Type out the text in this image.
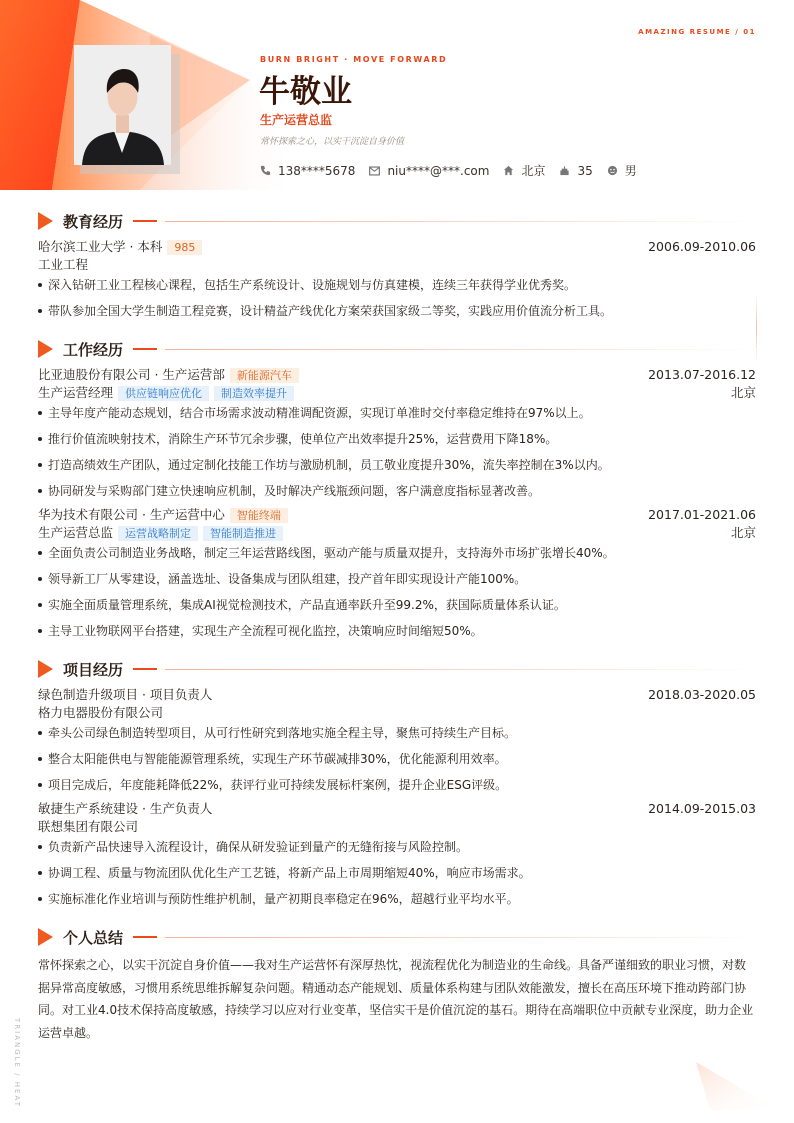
AMAZING RESUME / 01
BURN BRIGHT · MOVE FORWARD
牛敬业
生产运营总监
常怀探索之心，以实干沉淀自身价值
138****5678	niu****@***.com	北京	35	男
教育经历
哈尔滨工业大学 · 本科	985	2006.09-2010.06
工业工程
深入钻研工业工程核心课程，包括生产系统设计、设施规划与仿真建模，连续三年获得学业优秀奖。
带队参加全国大学生制造工程竞赛，设计精益产线优化方案荣获国家级二等奖，实践应用价值流分析工具。
工作经历
比亚迪股份有限公司 · 生产运营部	新能源汽车	2013.07-2016.12
生产运营经理	供应链响应优化	制造效率提升	北京
主导年度产能动态规划，结合市场需求波动精准调配资源，实现订单准时交付率稳定维持在97%以上。
推行价值流映射技术，消除生产环节冗余步骤，使单位产出效率提升25%，运营费用下降18%。
打造高绩效生产团队，通过定制化技能工作坊与激励机制，员工敬业度提升30%，流失率控制在3%以内。
协同研发与采购部门建立快速响应机制，及时解决产线瓶颈问题，客户满意度指标显著改善。
华为技术有限公司 · 生产运营中心	智能终端	2017.01-2021.06
生产运营总监	运营战略制定	智能制造推进	北京
全面负责公司制造业务战略，制定三年运营路线图，驱动产能与质量双提升，支持海外市场扩张增长40%。
领导新工厂从零建设，涵盖选址、设备集成与团队组建，投产首年即实现设计产能100%。
实施全面质量管理系统，集成AI视觉检测技术，产品直通率跃升至99.2%，获国际质量体系认证。
主导工业物联网平台搭建，实现生产全流程可视化监控，决策响应时间缩短50%。
项目经历
绿色制造升级项目 · 项目负责人	2018.03-2020.05
格力电器股份有限公司
牵头公司绿色制造转型项目，从可行性研究到落地实施全程主导，聚焦可持续生产目标。
整合太阳能供电与智能能源管理系统，实现生产环节碳减排30%，优化能源利用效率。
项目完成后，年度能耗降低22%，获评行业可持续发展标杆案例，提升企业ESG评级。
敏捷生产系统建设 · 生产负责人	2014.09-2015.03
联想集团有限公司
负责新产品快速导入流程设计，确保从研发验证到量产的无缝衔接与风险控制。
协调工程、质量与物流团队优化生产工艺链，将新产品上市周期缩短40%，响应市场需求。
实施标准化作业培训与预防性维护机制，量产初期良率稳定在96%，超越行业平均水平。
个人总结
常怀探索之心，以实干沉淀自身价值——我对生产运营怀有深厚热忱，视流程优化为制造业的生命线。具备严谨细致的职业习惯，对数据异常高度敏感，习惯用系统思维拆解复杂问题。精通动态产能规划、质量体系构建与团队效能激发，擅长在高压环境下推动跨部门协同。对工业4.0技术保持高度敏感，持续学习以应对行业变革，坚信实干是价值沉淀的基石。期待在高端职位中贡献专业深度，助力企业运营卓越。
TRIANGLE / HEAT
